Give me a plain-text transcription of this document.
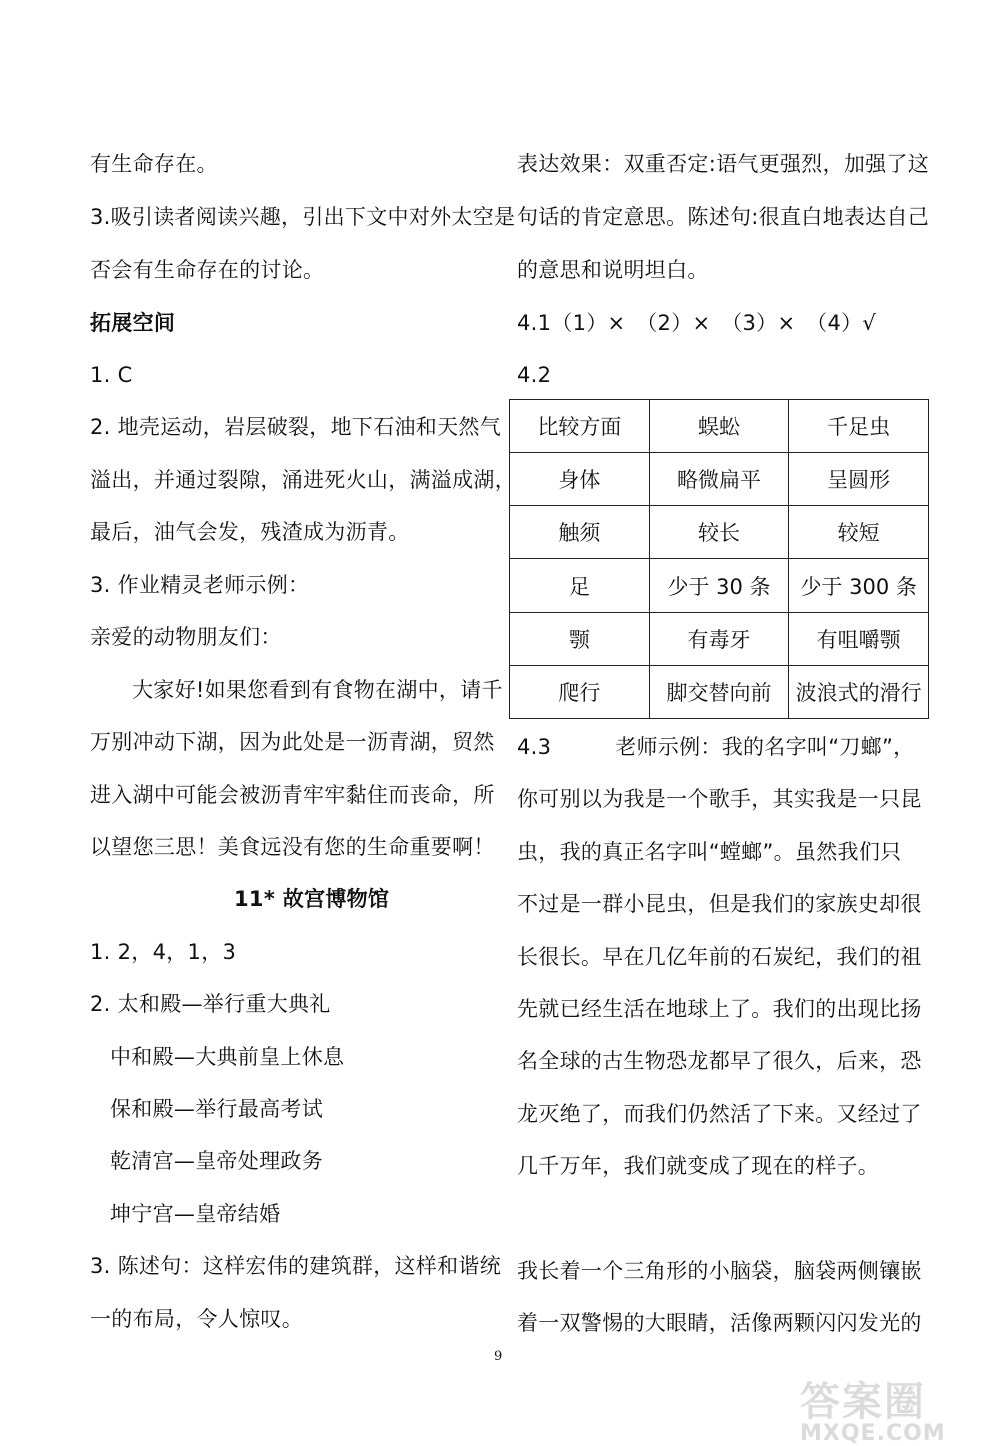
有生命存在。
3.吸引读者阅读兴趣，引出下文中对外太空是
否会有生命存在的讨论。
拓展空间
1. C
2. 地壳运动，岩层破裂，地下石油和天然气
溢出，并通过裂隙，涌进死火山，满溢成湖，
最后，油气会发，残渣成为沥青。
3. 作业精灵老师示例：
亲爱的动物朋友们：
大家好!如果您看到有食物在湖中，请千
万别冲动下湖，因为此处是一沥青湖，贸然
进入湖中可能会被沥青牢牢黏住而丧命，所
以望您三思！美食远没有您的生命重要啊！
11* 故宫博物馆
1. 2，4，1，3
2. 太和殿—举行重大典礼
中和殿—大典前皇上休息
保和殿—举行最高考试
乾清宫—皇帝处理政务
坤宁宫—皇帝结婚
3. 陈述句：这样宏伟的建筑群，这样和谐统
一的布局，令人惊叹。
表达效果：双重否定:语气更强烈，加强了这
句话的肯定意思。陈述句:很直白地表达自己
的意思和说明坦白。
4.1（1）×　（2）×　（3）×　（4）√
4.2
比较方面	蜈蚣	千足虫
身体	略微扁平	呈圆形
触须	较长	较短
足	少于 30 条	少于 300 条
颚	有毒牙	有咀嚼颚
爬行	脚交替向前	波浪式的滑行
4.3　　　老师示例：我的名字叫“刀螂”，
你可别以为我是一个歌手，其实我是一只昆
虫，我的真正名字叫“螳螂”。虽然我们只
不过是一群小昆虫，但是我们的家族史却很
长很长。早在几亿年前的石炭纪，我们的祖
先就已经生活在地球上了。我们的出现比扬
名全球的古生物恐龙都早了很久，后来，恐
龙灭绝了，而我们仍然活了下来。又经过了
几千万年，我们就变成了现在的样子。
我长着一个三角形的小脑袋，脑袋两侧镶嵌
着一双警惕的大眼睛，活像两颗闪闪发光的
9
答案圈
MXQE.COM
